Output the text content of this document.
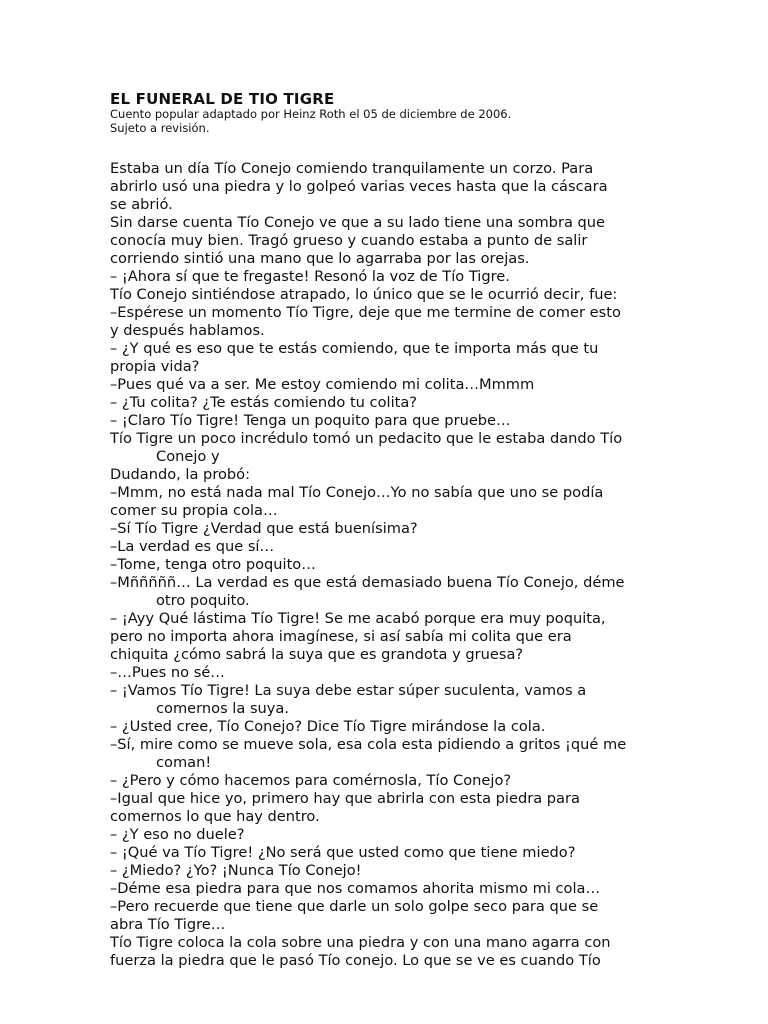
EL FUNERAL DE TIO TIGRE

Cuento popular adaptado por Heinz Roth el 05 de diciembre de 2006.

Sujeto a revisión.

Estaba un día Tío Conejo comiendo tranquilamente un corzo. Para
abrirlo usó una piedra y lo golpeó varias veces hasta que la cáscara
se abrió.
Sin darse cuenta Tío Conejo ve que a su lado tiene una sombra que
conocía muy bien. Tragó grueso y cuando estaba a punto de salir
corriendo sintió una mano que lo agarraba por las orejas.
– ¡Ahora sí que te fregaste! Resonó la voz de Tío Tigre.
Tío Conejo sintiéndose atrapado, lo único que se le ocurrió decir, fue:
–Espérese un momento Tío Tigre, deje que me termine de comer esto
y después hablamos.
– ¿Y qué es eso que te estás comiendo, que te importa más que tu
propia vida?
–Pues qué va a ser. Me estoy comiendo mi colita…Mmmm
– ¿Tu colita? ¿Te estás comiendo tu colita?
– ¡Claro Tío Tigre! Tenga un poquito para que pruebe…
Tío Tigre un poco incrédulo tomó un pedacito que le estaba dando Tío
Conejo y
Dudando, la probó:
–Mmm, no está nada mal Tío Conejo…Yo no sabía que uno se podía
comer su propia cola…
–Sí Tío Tigre ¿Verdad que está buenísima?
–La verdad es que sí…
–Tome, tenga otro poquito…
–Mñññññ… La verdad es que está demasiado buena Tío Conejo, déme
otro poquito.
– ¡Ayy Qué lástima Tío Tigre! Se me acabó porque era muy poquita,
pero no importa ahora imagínese, si así sabía mi colita que era
chiquita ¿cómo sabrá la suya que es grandota y gruesa?
–…Pues no sé…
– ¡Vamos Tío Tigre! La suya debe estar súper suculenta, vamos a
comernos la suya.
– ¿Usted cree, Tío Conejo? Dice Tío Tigre mirándose la cola.
–Sí, mire como se mueve sola, esa cola esta pidiendo a gritos ¡qué me
coman!
– ¿Pero y cómo hacemos para comérnosla, Tío Conejo?
–Igual que hice yo, primero hay que abrirla con esta piedra para
comernos lo que hay dentro.
– ¿Y eso no duele?
– ¡Qué va Tío Tigre! ¿No será que usted como que tiene miedo?
– ¿Miedo? ¿Yo? ¡Nunca Tío Conejo!
–Déme esa piedra para que nos comamos ahorita mismo mi cola…
–Pero recuerde que tiene que darle un solo golpe seco para que se
abra Tío Tigre…
Tío Tigre coloca la cola sobre una piedra y con una mano agarra con
fuerza la piedra que le pasó Tío conejo. Lo que se ve es cuando Tío
